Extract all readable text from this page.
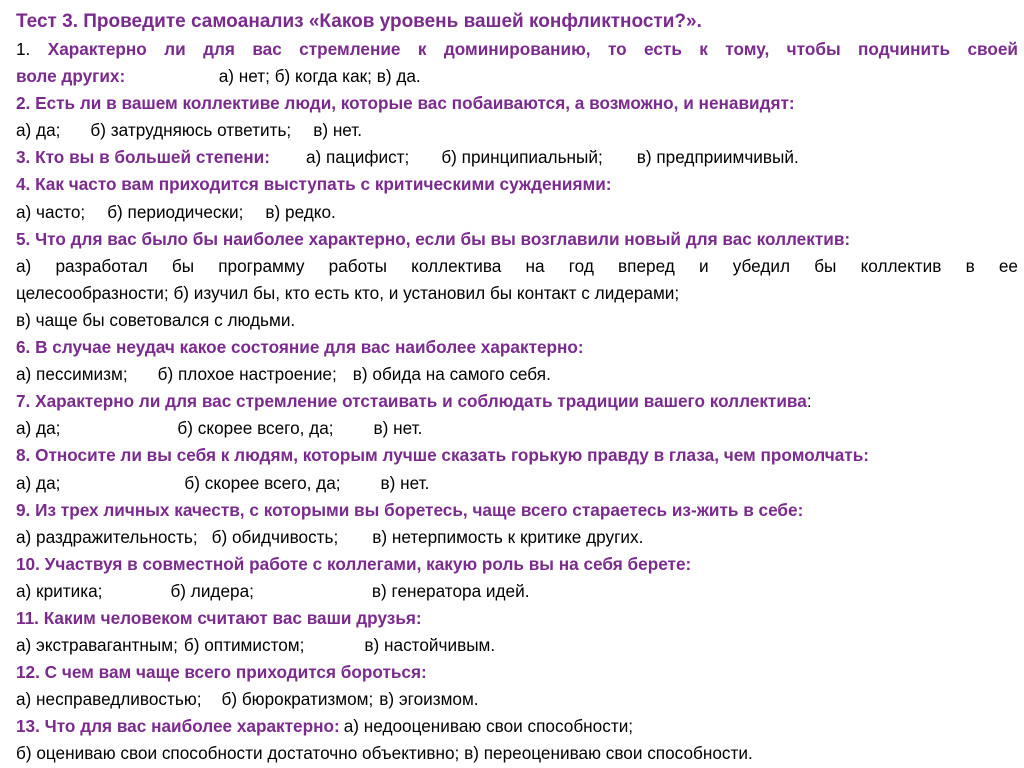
Тест 3. Проведите самоанализ «Каков уровень вашей конфликтности?».
1. Характерно ли для вас стремление к доминированию, то есть к тому, чтобы подчинить своей
воле других:	а) нет; б) когда как; в) да.
2. Есть ли в вашем коллективе люди, которые вас побаиваются, а возможно, и ненавидят:
а) да; б) затрудняюсь ответить; в) нет.
3. Кто вы в большей степени: а) пацифист; б) принципиальный; в) предприимчивый.
4. Как часто вам приходится выступать с критическими суждениями:
а) часто; б) периодически; в) редко.
5. Что для вас было бы наиболее характерно, если бы вы возглавили новый для вас коллектив:
а) разработал бы программу работы коллектива на год вперед и убедил бы коллектив в ее
целесообразности; б) изучил бы, кто есть кто, и установил бы контакт с лидерами;
в) чаще бы советовался с людьми.
6. В случае неудач какое состояние для вас наиболее характерно:
а) пессимизм; б) плохое настроение; в) обида на самого себя.
7. Характерно ли для вас стремление отстаивать и соблюдать традиции вашего коллектива:
а) да;	б) скорее всего, да; в) нет.
8. Относите ли вы себя к людям, которым лучше сказать горькую правду в глаза, чем промолчать:
а) да;	б) скорее всего, да; в) нет.
9. Из трех личных качеств, с которыми вы боретесь, чаще всего стараетесь из-жить в себе:
а) раздражительность; б) обидчивость; в) нетерпимость к критике других.
10. Участвуя в совместной работе с коллегами, какую роль вы на себя берете:
а) критика;	б) лидера;	в) генератора идей.
11. Каким человеком считают вас ваши друзья:
а) экстравагантным; б) оптимистом;	в) настойчивым.
12. С чем вам чаще всего приходится бороться:
а) несправедливостью; б) бюрократизмом; в) эгоизмом.
13. Что для вас наиболее характерно: а) недооцениваю свои способности;
б) оцениваю свои способности достаточно объективно; в) переоцениваю свои способности.
